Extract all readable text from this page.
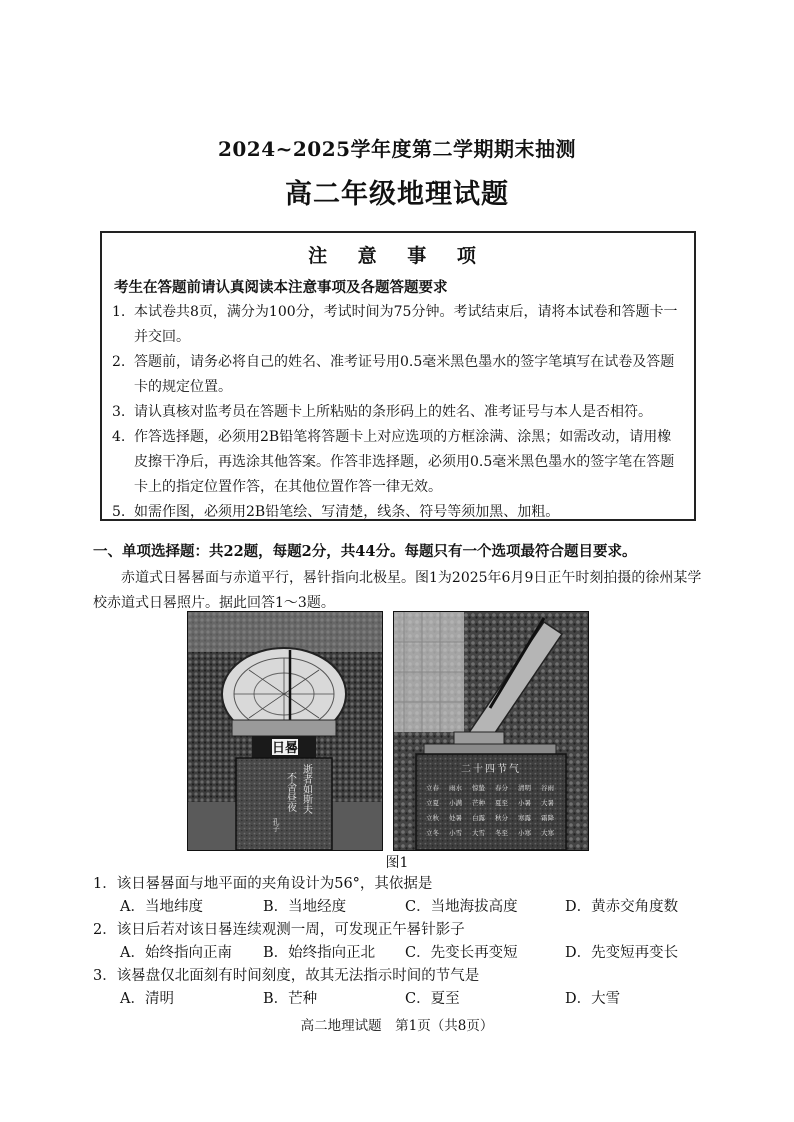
2024~2025学年度第二学期期末抽测
高二年级地理试题
注 意 事 项
考生在答题前请认真阅读本注意事项及各题答题要求
1. 本试卷共8页，满分为100分，考试时间为75分钟。考试结束后，请将本试卷和答题卡一并交回。
2. 答题前，请务必将自己的姓名、准考证号用0.5毫米黑色墨水的签字笔填写在试卷及答题卡的规定位置。
3. 请认真核对监考员在答题卡上所粘贴的条形码上的姓名、准考证号与本人是否相符。
4. 作答选择题，必须用2B铅笔将答题卡上对应选项的方框涂满、涂黑；如需改动，请用橡皮擦干净后，再选涂其他答案。作答非选择题，必须用0.5毫米黑色墨水的签字笔在答题卡上的指定位置作答，在其他位置作答一律无效。
5. 如需作图，必须用2B铅笔绘、写清楚，线条、符号等须加黑、加粗。
一、单项选择题：共22题，每题2分，共44分。每题只有一个选项最符合题目要求。
赤道式日晷晷面与赤道平行，晷针指向北极星。图1为2025年6月9日正午时刻拍摄的徐州某学校赤道式日晷照片。据此回答1～3题。
日晷
逝者如斯夫
不舍昼夜
孔子
二十四节气
立春 雨水 惊蛰 春分 清明 谷雨
立夏 小满 芒种 夏至 小暑 大暑
立秋 处暑 白露 秋分 寒露 霜降
立冬 小雪 大雪 冬至 小寒 大寒
图1
1．该日晷晷面与地平面的夹角设计为56°，其依据是
A．当地纬度	B．当地经度	C．当地海拔高度	D．黄赤交角度数
2．该日后若对该日晷连续观测一周，可发现正午晷针影子
A．始终指向正南 B．始终指向正北 C．先变长再变短	D．先变短再变长
3．该晷盘仅北面刻有时间刻度，故其无法指示时间的节气是
A．清明	B．芒种	C．夏至	D．大雪
高二地理试题　第1页（共8页）
